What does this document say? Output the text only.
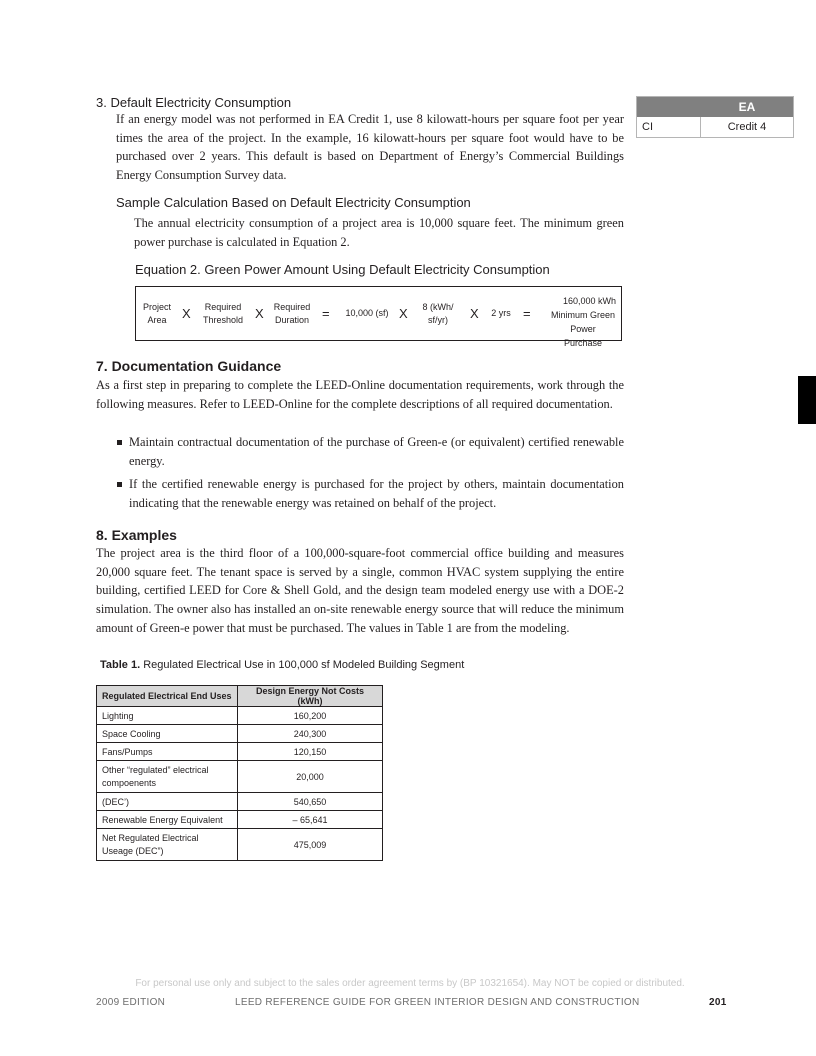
EA
CI	Credit 4
3. Default Electricity Consumption

If an energy model was not performed in EA Credit 1, use 8 kilowatt-hours per square foot per year times the area of the project. In the example, 16 kilowatt-hours per square foot would have to be purchased over 2 years. This default is based on Department of Energy’s Commercial Buildings Energy Consumption Survey data.

Sample Calculation Based on Default Electricity Consumption

The annual electricity consumption of a project area is 10,000 square feet. The minimum green power purchase is calculated in Equation 2.

Equation 2. Green Power Amount Using Default Electricity Consumption
Project
Area	X	Required
Threshold X	Required
Duration =	10,000 (sf) X	8 (kWh/
sf/yr)	X	2 yrs =
160,000 kWh
Minimum Green
Power Purchase
7. Documentation Guidance

As a first step in preparing to complete the LEED-Online documentation requirements, work through the following measures. Refer to LEED-Online for the complete descriptions of all required documentation.

Maintain contractual documentation of the purchase of Green-e (or equivalent) certified renewable energy.
If the certified renewable energy is purchased for the project by others, maintain documentation indicating that the renewable energy was retained on behalf of the project.
8. Examples

The project area is the third floor of a 100,000-square-foot commercial office building and measures 20,000 square feet. The tenant space is served by a single, common HVAC system supplying the entire building, certified LEED for Core & Shell Gold, and the design team modeled energy use with a DOE-2 simulation. The owner also has installed an on-site renewable energy source that will reduce the minimum amount of Green-e power that must be purchased. The values in Table 1 are from the modeling.

Table 1. Regulated Electrical Use in 100,000 sf Modeled Building Segment
Regulated Electrical End Uses	Design Energy Not Costs (kWh)
Lighting	160,200
Space Cooling	240,300
Fans/Pumps	120,150
Other “regulated” electrical compoenents	20,000
(DEC’)	540,650
Renewable Energy Equivalent	– 65,641
Net Regulated Electrical Useage (DEC”)	475,009
For personal use only and subject to the sales order agreement terms by (BP 10321654). May NOT be copied or distributed.
2009 EDITION	LEED REFERENCE GUIDE FOR GREEN INTERIOR DESIGN AND CONSTRUCTION	201
